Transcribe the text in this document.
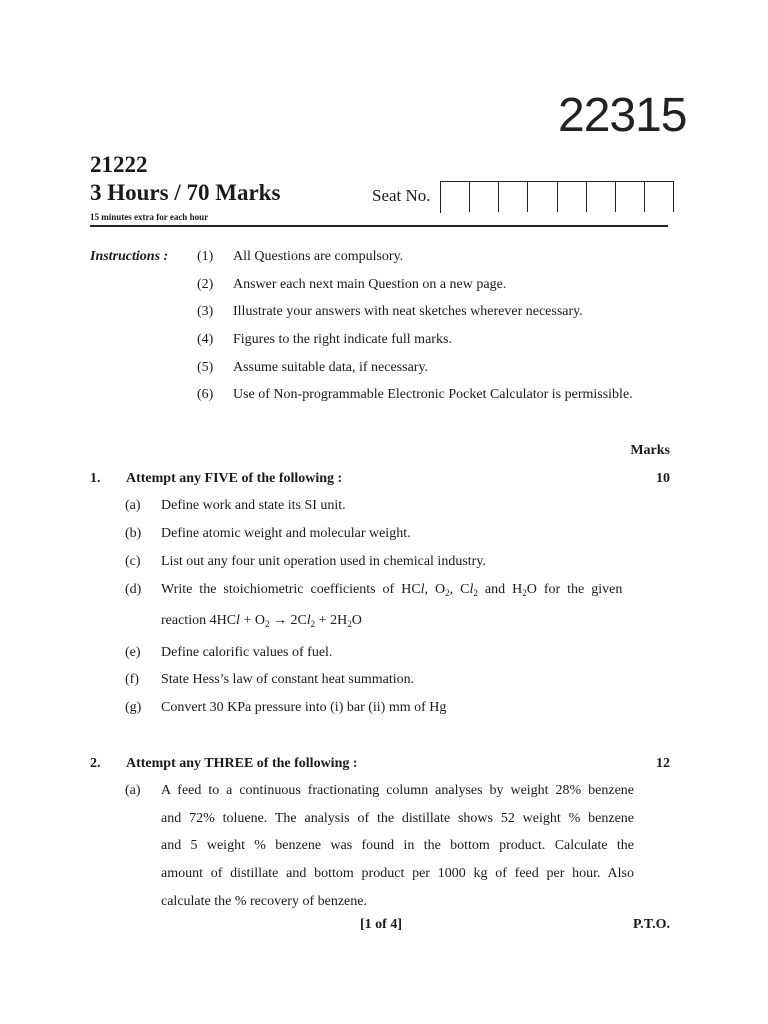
22315
21222
3 Hours / 70 Marks
15 minutes extra for each hour
Seat No.
Instructions : (1) All Questions are compulsory.
(2) Answer each next main Question on a new page.
(3) Illustrate your answers with neat sketches wherever necessary.
(4) Figures to the right indicate full marks.
(5) Assume suitable data, if necessary.
(6) Use of Non-programmable Electronic Pocket Calculator is permissible.
Marks
1. Attempt any FIVE of the following :	10
(a) Define work and state its SI unit.
(b) Define atomic weight and molecular weight.
(c) List out any four unit operation used in chemical industry.
(d) Write  the  stoichiometric  coefficients  of  HCl,  $O_2$,  $Cl_2$  and  $H_2O$  for  the  given
reaction $4HCl + O_2 \to 2Cl_2 + 2H_2O$
(e) Define calorific values of fuel.
(f) State Hess’s law of constant heat summation.
(g) Convert 30 KPa pressure into (i) bar (ii) mm of Hg
2. Attempt any THREE of the following :	12
(a) A feed to a continuous fractionating column analyses by weight 28% benzene
and 72% toluene. The analysis of the distillate shows 52 weight % benzene
and 5 weight % benzene was found in the bottom product. Calculate the
amount of distillate and bottom product per 1000 kg of feed per hour. Also
calculate the % recovery of benzene.
[1 of 4]	P.T.O.
